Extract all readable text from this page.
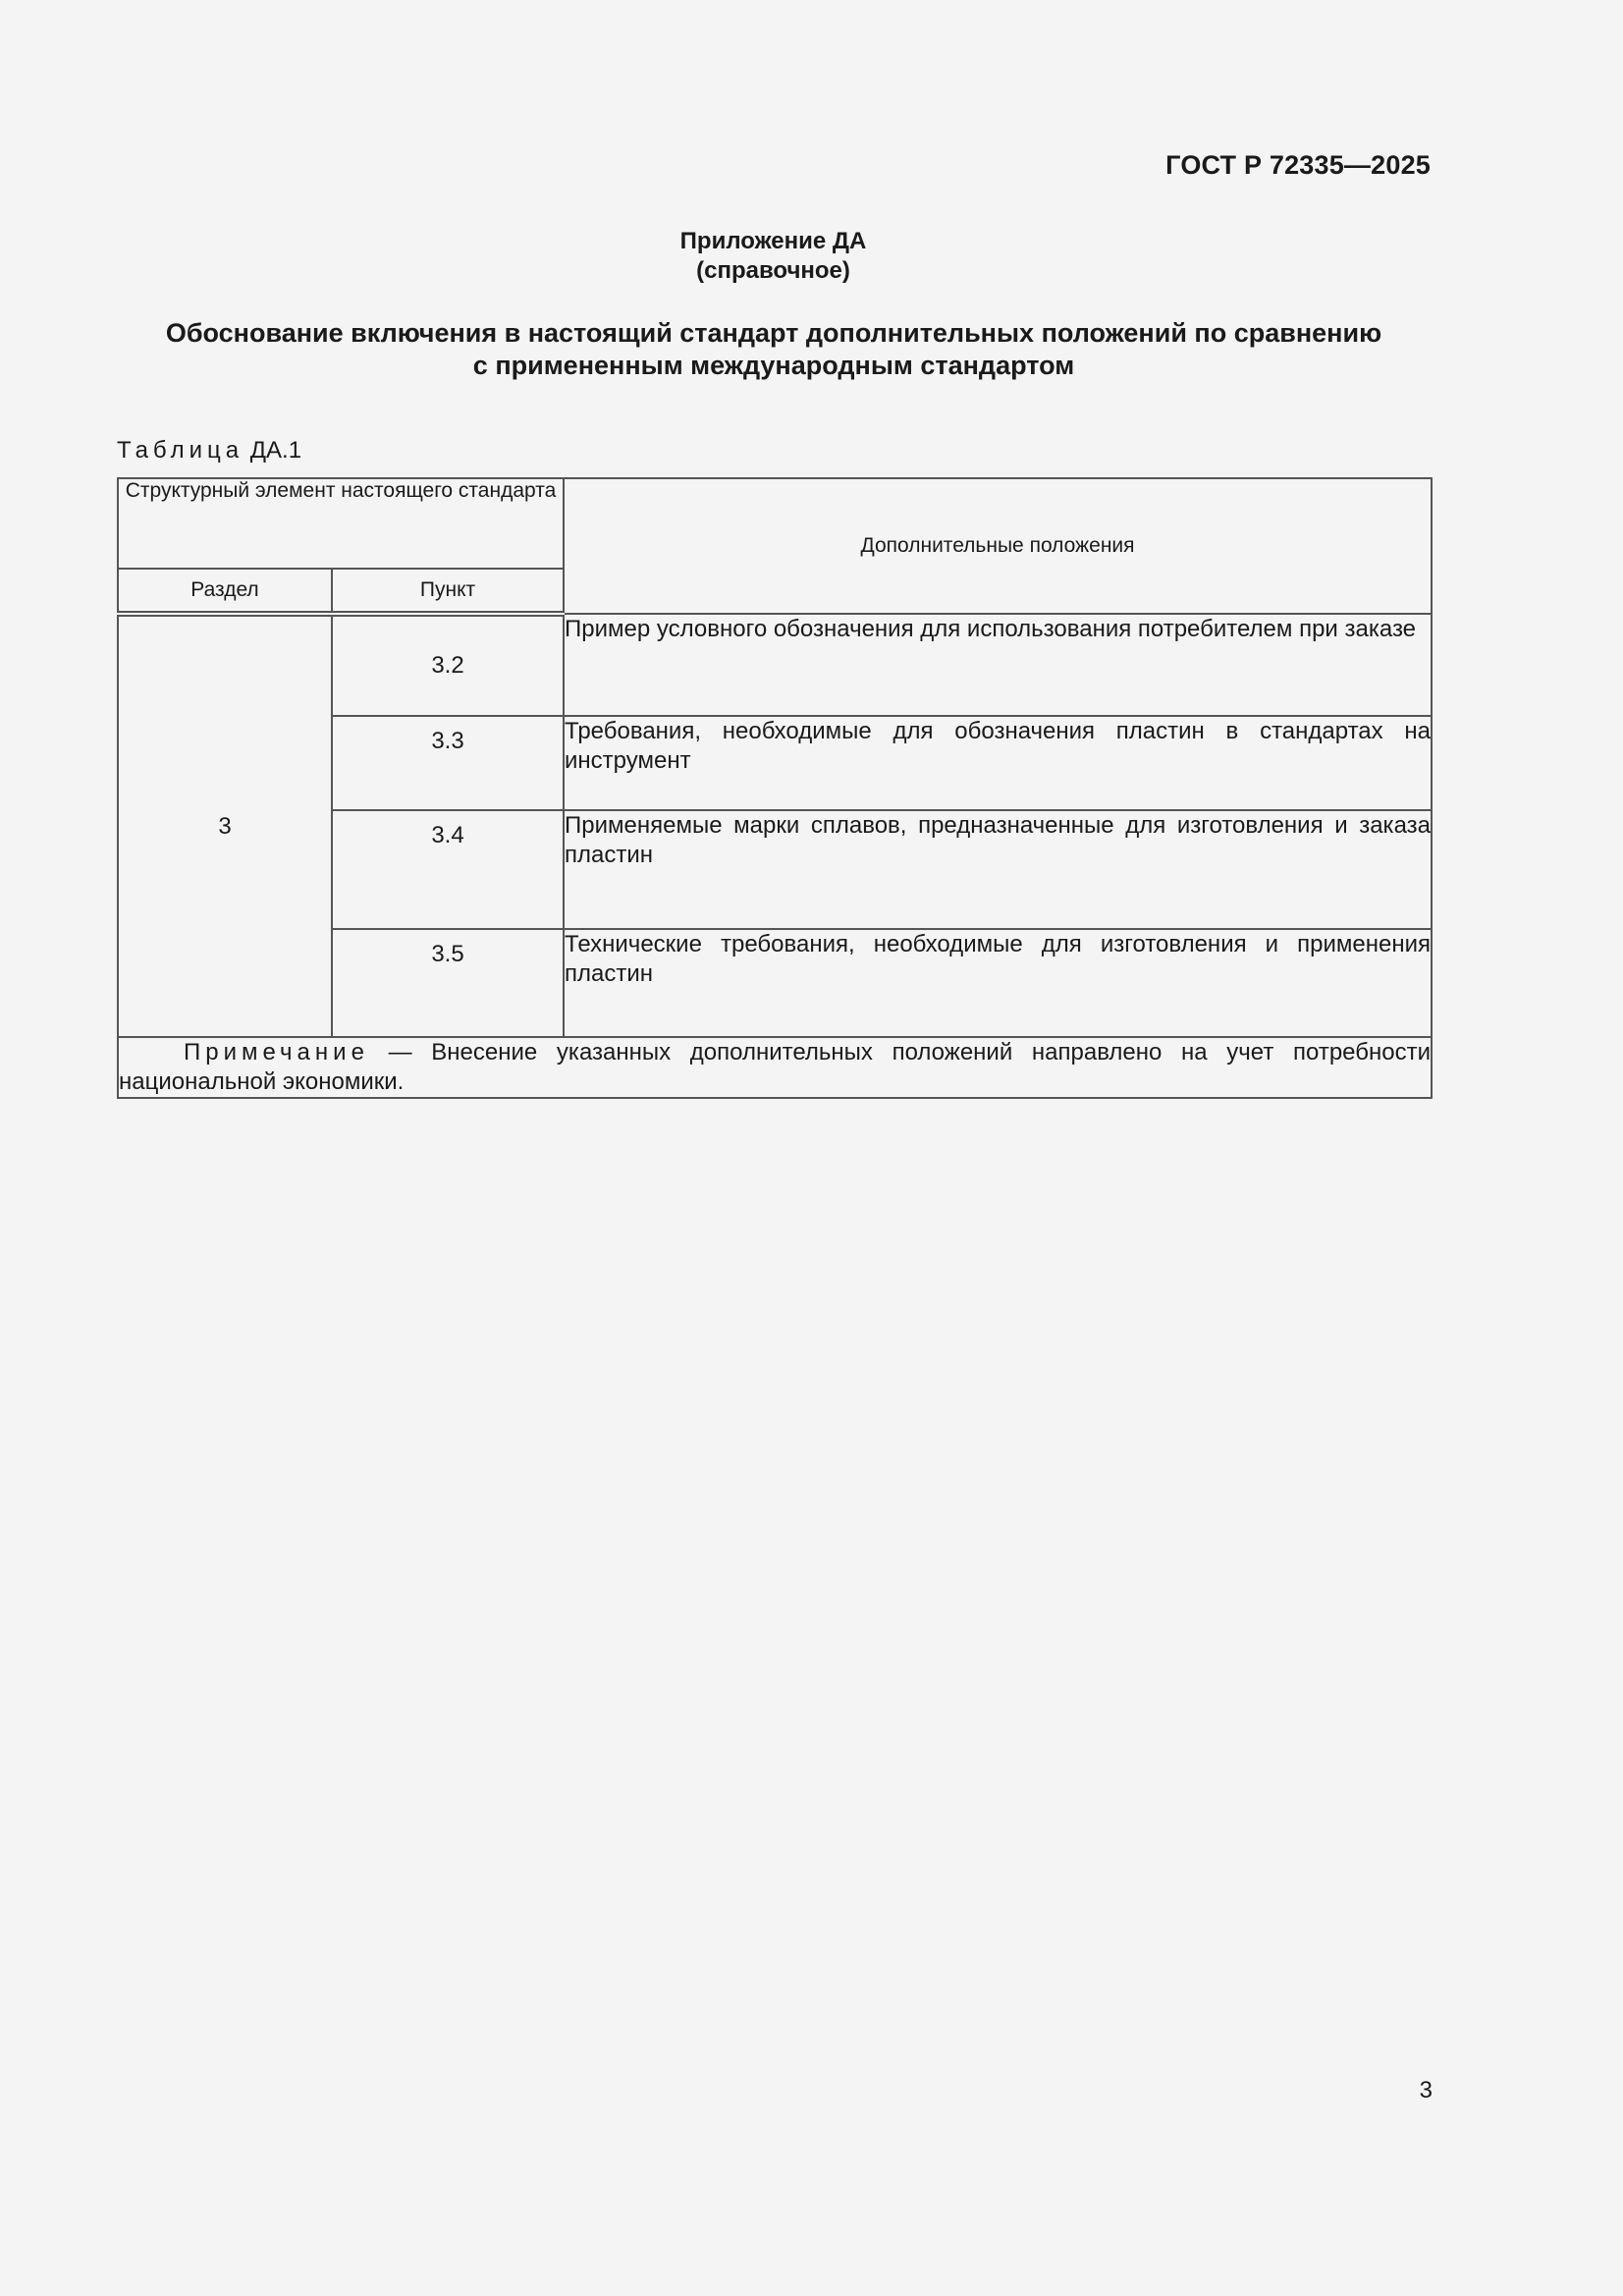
ГОСТ Р 72335—2025
Приложение ДА
(справочное)
Обоснование включения в настоящий стандарт дополнительных положений по сравнению
с примененным международным стандартом
Таблица ДА.1
Структурный элемент настоящего стандарта		Дополнительные положения
Раздел	Пункт	
3	3.2	Пример условного обозначения для использования потребителем при заказе
	3.3	Требования, необходимые для обозначения пластин в стандартах на инструмент
	3.4	Применяемые марки сплавов, предназначенные для изготовления и заказа пластин
	3.5	Технические требования, необходимые для изготовления и применения пластин
Примечание — Внесение указанных дополнительных положений направлено на учет потребности национальной экономики.		
3
